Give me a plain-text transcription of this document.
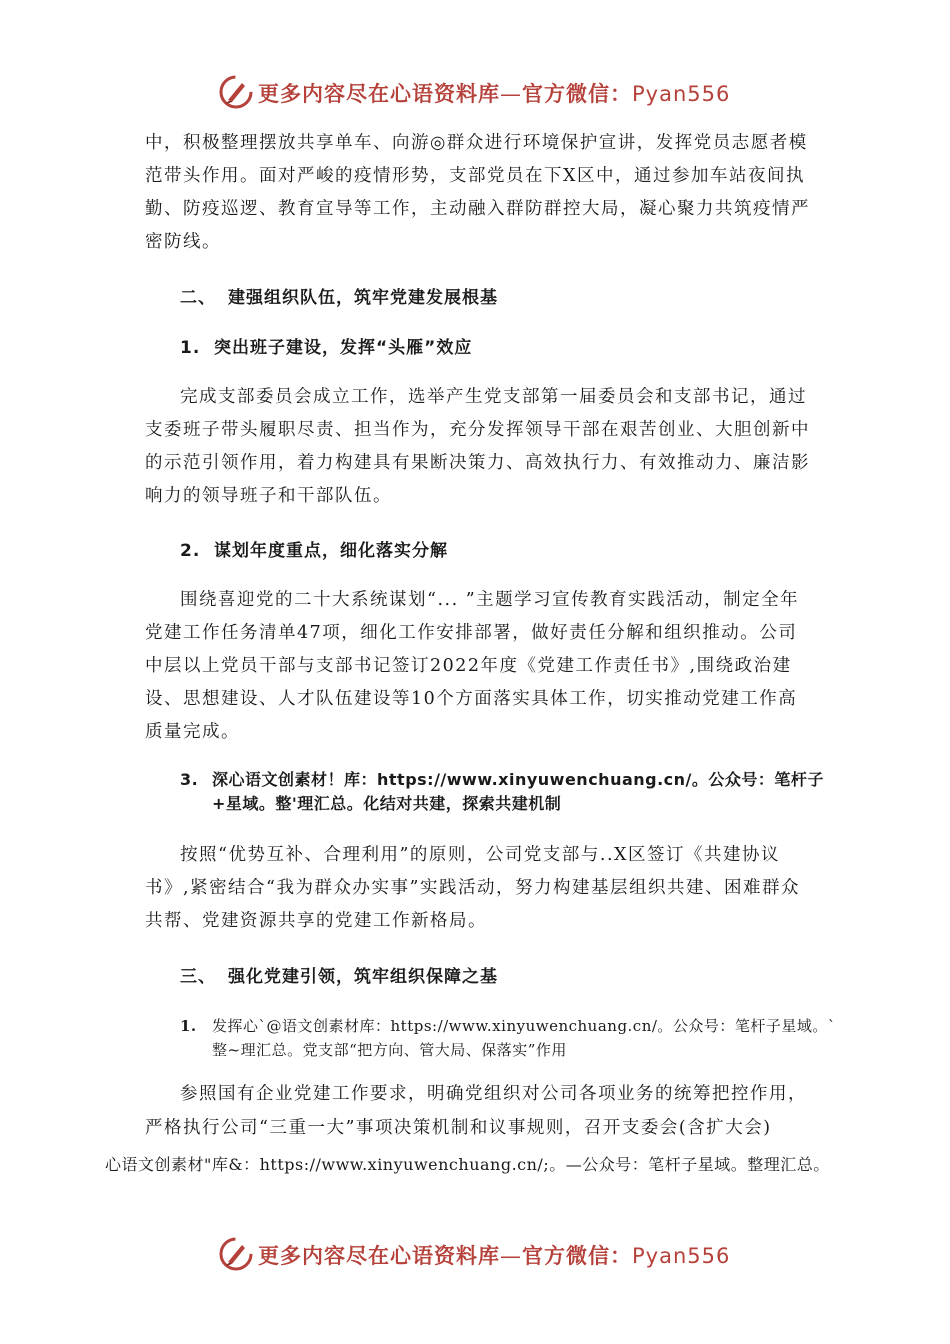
更多内容尽在心语资料库—官方微信：Pyan556
中，积极整理摆放共享单车、向游◎群众进行环境保护宣讲，发挥党员志愿者模范带头作用。面对严峻的疫情形势，支部党员在下X区中，通过参加车站夜间执勤、防疫巡逻、教育宣导等工作，主动融入群防群控大局，凝心聚力共筑疫情严密防线。
二、 建强组织队伍，筑牢党建发展根基
1. 突出班子建设，发挥“头雁”效应
完成支部委员会成立工作，选举产生党支部第一届委员会和支部书记，通过支委班子带头履职尽责、担当作为，充分发挥领导干部在艰苦创业、大胆创新中的示范引领作用，着力构建具有果断决策力、高效执行力、有效推动力、廉洁影响力的领导班子和干部队伍。
2. 谋划年度重点，细化落实分解
围绕喜迎党的二十大系统谋划“... ”主题学习宣传教育实践活动，制定全年党建工作任务清单47项，细化工作安排部署，做好责任分解和组织推动。公司中层以上党员干部与支部书记签订2022年度《党建工作责任书》,围绕政治建设、思想建设、人才队伍建设等10个方面落实具体工作，切实推动党建工作高质量完成。
3. 深心语文创素材！库：https://www.xinyuwenchuang.cn/。公众号：笔杆子+星域。整'理汇总。化结对共建，探索共建机制
按照“优势互补、合理利用”的原则，公司党支部与..X区签订《共建协议书》,紧密结合“我为群众办实事”实践活动，努力构建基层组织共建、困难群众共帮、党建资源共享的党建工作新格局。
三、 强化党建引领，筑牢组织保障之基
1.	发挥心`@语文创素材库：https://www.xinyuwenchuang.cn/。公众号：笔杆子星域。`整~理汇总。党支部“把方向、管大局、保落实”作用
参照国有企业党建工作要求，明确党组织对公司各项业务的统筹把控作用，
严格执行公司“三重一大”事项决策机制和议事规则，召开支委会(含扩大会)
心语文创素材"库&：https://www.xinyuwenchuang.cn/;。—公众号：笔杆子星域。整理汇总。
更多内容尽在心语资料库—官方微信：Pyan556
